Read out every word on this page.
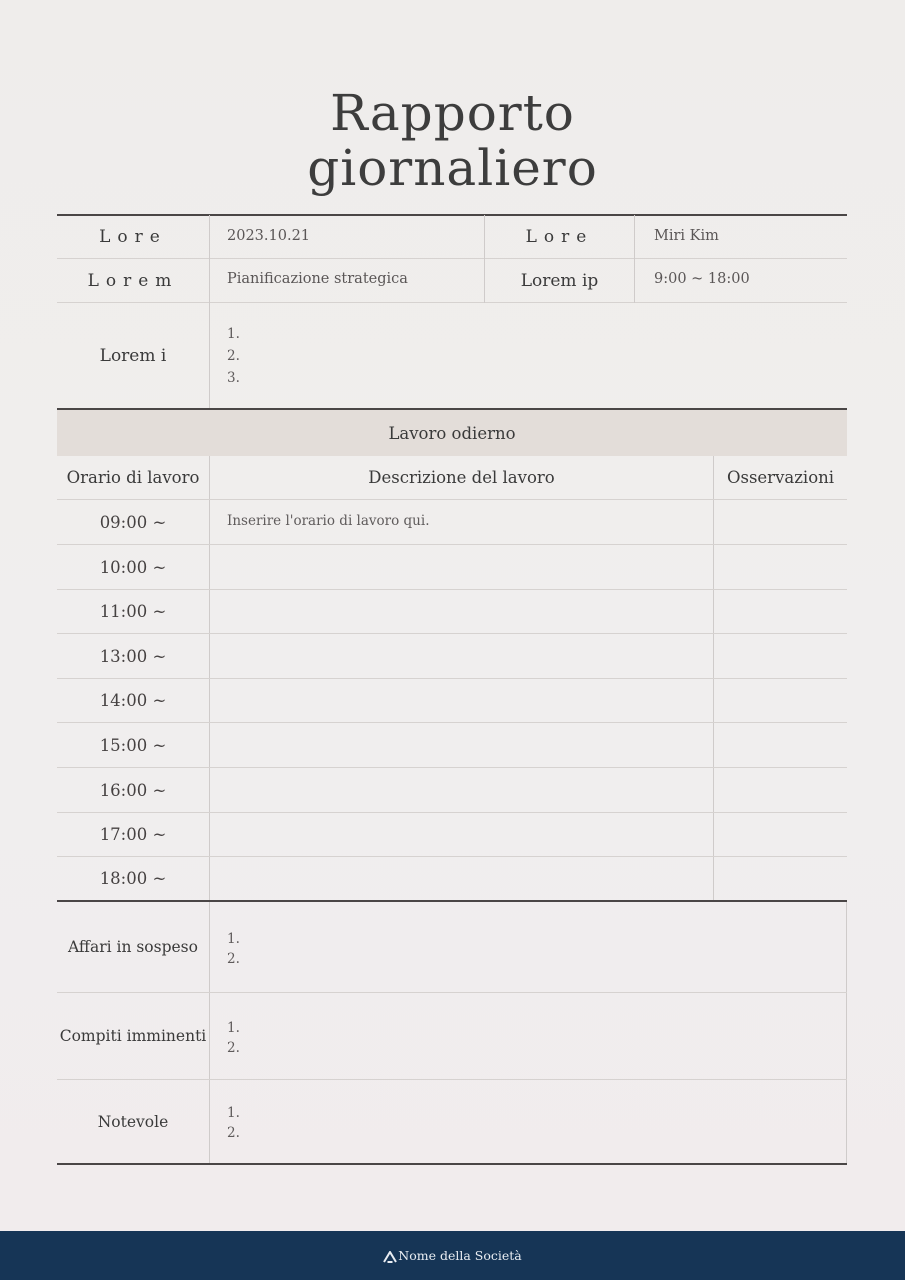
Rapporto
giornaliero
Lore	2023.10.21	Lore	Miri Kim
Lorem	Pianificazione strategica	Lorem ip	9:00 ~ 18:00
Lorem i
1.
2.
3.
Lavoro odierno
Orario di lavoro	Descrizione del lavoro	Osservazioni
09:00 ~	Inserire l'orario di lavoro qui.
10:00 ~
11:00 ~
13:00 ~
14:00 ~
15:00 ~
16:00 ~
17:00 ~
18:00 ~
Affari in sospeso	1.
2.
Compiti imminenti 1.
2.
Notevole	1.
2.
Nome della Società
